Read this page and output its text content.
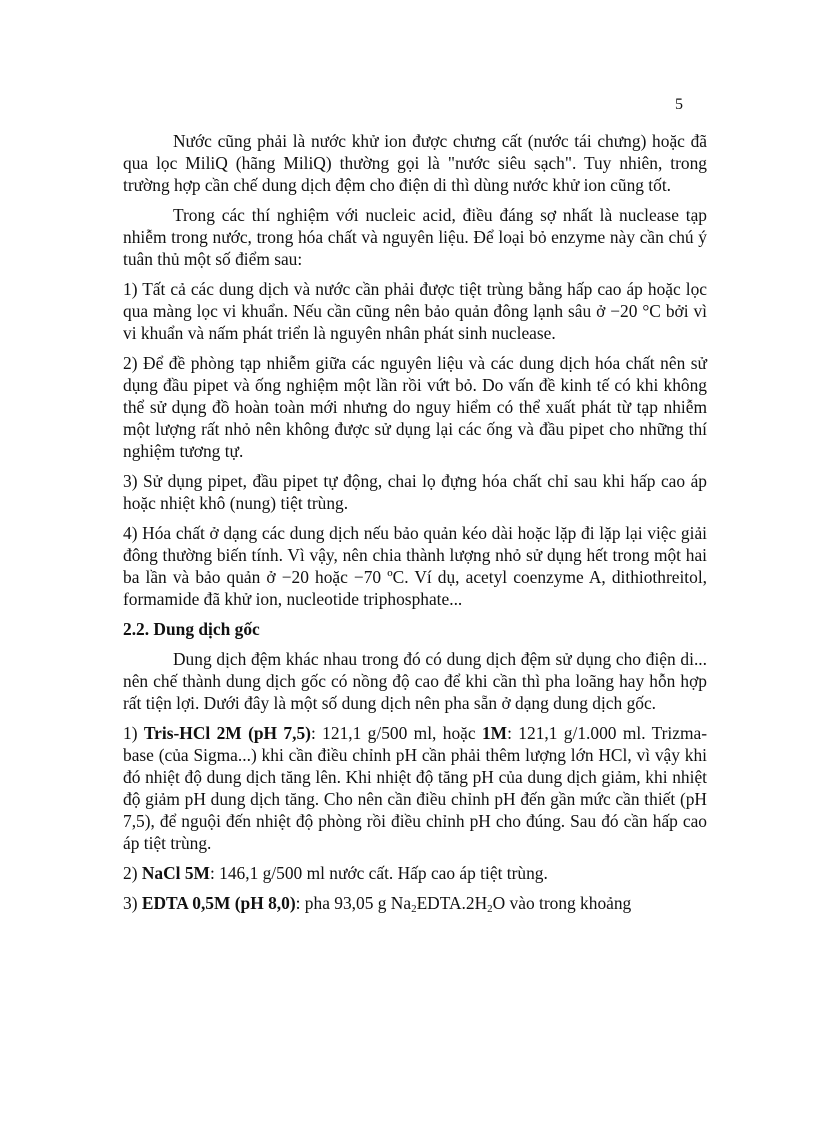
5

Nước cũng phải là nước khử ion được chưng cất (nước tái chưng) hoặc đã qua lọc MiliQ (hãng MiliQ) thường gọi là "nước siêu sạch". Tuy nhiên, trong trường hợp cần chế dung dịch đệm cho điện di thì dùng nước khử ion cũng tốt.

Trong các thí nghiệm với nucleic acid, điều đáng sợ nhất là nuclease tạp nhiễm trong nước, trong hóa chất và nguyên liệu. Để loại bỏ enzyme này cần chú ý tuân thủ một số điểm sau:

1) Tất cả các dung dịch và nước cần phải được tiệt trùng bằng hấp cao áp hoặc lọc qua màng lọc vi khuẩn. Nếu cần cũng nên bảo quản đông lạnh sâu ở −20 °C bởi vì vi khuẩn và nấm phát triển là nguyên nhân phát sinh nuclease.

2) Để đề phòng tạp nhiễm giữa các nguyên liệu và các dung dịch hóa chất nên sử dụng đầu pipet và ống nghiệm một lần rồi vứt bỏ. Do vấn đề kinh tế có khi không thể sử dụng đồ hoàn toàn mới nhưng do nguy hiểm có thể xuất phát từ tạp nhiễm một lượng rất nhỏ nên không được sử dụng lại các ống và đầu pipet cho những thí nghiệm tương tự.

3) Sử dụng pipet, đầu pipet tự động, chai lọ đựng hóa chất chỉ sau khi hấp cao áp hoặc nhiệt khô (nung) tiệt trùng.

4) Hóa chất ở dạng các dung dịch nếu bảo quản kéo dài hoặc lặp đi lặp lại việc giải đông thường biến tính. Vì vậy, nên chia thành lượng nhỏ sử dụng hết trong một hai ba lần và bảo quản ở −20 hoặc −70 ºC. Ví dụ, acetyl coenzyme A, dithiothreitol, formamide đã khử ion, nucleotide triphosphate...

2.2. Dung dịch gốc

Dung dịch đệm khác nhau trong đó có dung dịch đệm sử dụng cho điện di... nên chế thành dung dịch gốc có nồng độ cao để khi cần thì pha loãng hay hỗn hợp rất tiện lợi. Dưới đây là một số dung dịch nên pha sẵn ở dạng dung dịch gốc.

1) Tris-HCl 2M (pH 7,5): 121,1 g/500 ml, hoặc 1M: 121,1 g/1.000 ml. Trizma-base (của Sigma...) khi cần điều chỉnh pH cần phải thêm lượng lớn HCl, vì vậy khi đó nhiệt độ dung dịch tăng lên. Khi nhiệt độ tăng pH của dung dịch giảm, khi nhiệt độ giảm pH dung dịch tăng. Cho nên cần điều chỉnh pH đến gần mức cần thiết (pH 7,5), để nguội đến nhiệt độ phòng rồi điều chỉnh pH cho đúng. Sau đó cần hấp cao áp tiệt trùng.

2) NaCl 5M: 146,1 g/500 ml nước cất. Hấp cao áp tiệt trùng.

3) EDTA 0,5M (pH 8,0): pha 93,05 g $Na_2EDTA.2H_2O$ vào trong khoảng
